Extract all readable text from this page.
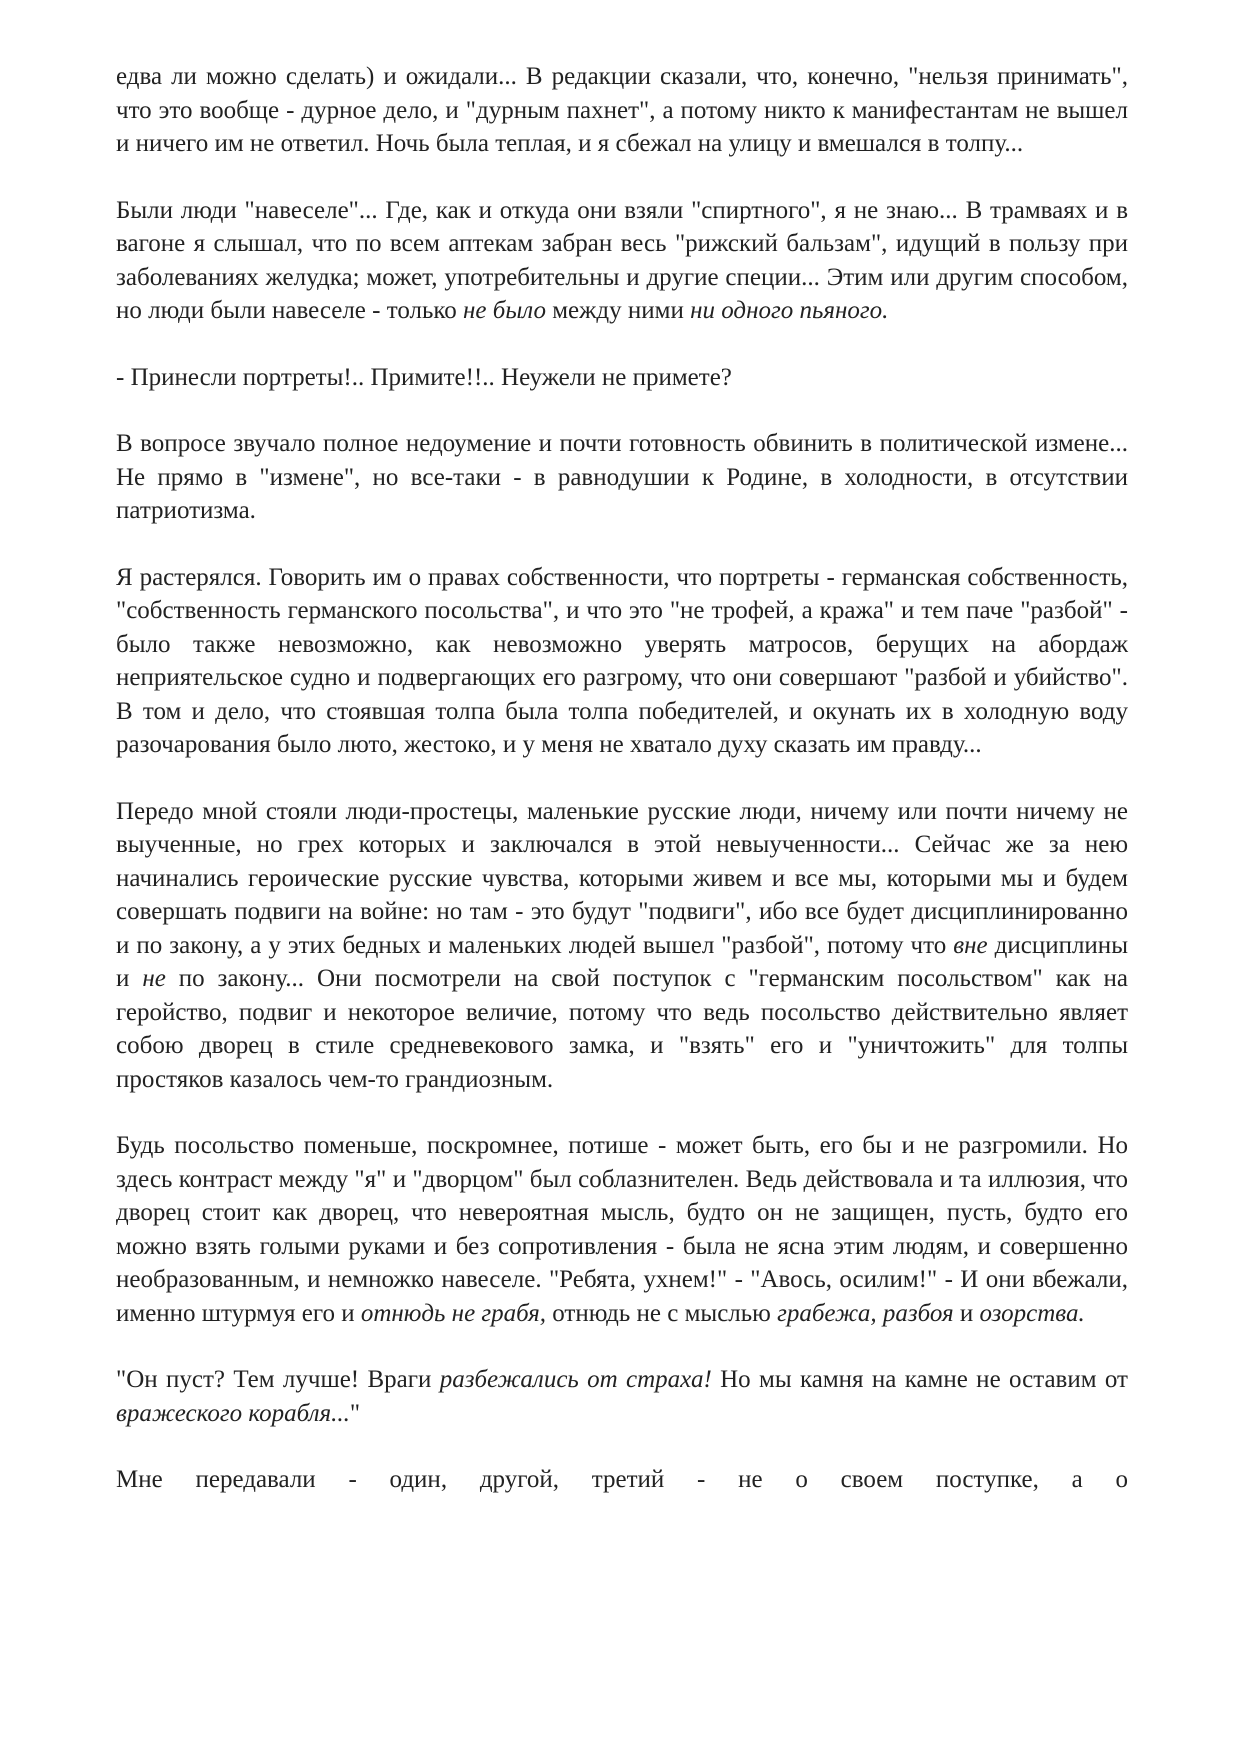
едва ли можно сделать) и ожидали... В редакции сказали, что, конечно, "нельзя принимать", что это вообще - дурное дело, и "дурным пахнет", а потому никто к манифестантам не вышел и ничего им не ответил. Ночь была теплая, и я сбежал на улицу и вмешался в толпу...

Были люди "навеселе"... Где, как и откуда они взяли "спиртного", я не знаю... В трамваях и в вагоне я слышал, что по всем аптекам забран весь "рижский бальзам", идущий в пользу при заболеваниях желудка; может, употребительны и другие специи... Этим или другим способом, но люди были навеселе - только не было между ними ни одного пьяного.

- Принесли портреты!.. Примите!!.. Неужели не примете?

В вопросе звучало полное недоумение и почти готовность обвинить в политической измене... Не прямо в "измене", но все-таки - в равнодушии к Родине, в холодности, в отсутствии патриотизма.

Я растерялся. Говорить им о правах собственности, что портреты - германская собственность, "собственность германского посольства", и что это "не трофей, а кража" и тем паче "разбой" - было также невозможно, как невозможно уверять матросов, берущих на абордаж неприятельское судно и подвергающих его разгрому, что они совершают "разбой и убийство". В том и дело, что стоявшая толпа была толпа победителей, и окунать их в холодную воду разочарования было люто, жестоко, и у меня не хватало духу сказать им правду...

Передо мной стояли люди-простецы, маленькие русские люди, ничему или почти ничему не выученные, но грех которых и заключался в этой невыученности... Сейчас же за нею начинались героические русские чувства, которыми живем и все мы, которыми мы и будем совершать подвиги на войне: но там - это будут "подвиги", ибо все будет дисциплинированно и по закону, а у этих бедных и маленьких людей вышел "разбой", потому что вне дисциплины и не по закону... Они посмотрели на свой поступок с "германским посольством" как на геройство, подвиг и некоторое величие, потому что ведь посольство действительно являет собою дворец в стиле средневекового замка, и "взять" его и "уничтожить" для толпы простяков казалось чем-то грандиозным.

Будь посольство поменьше, поскромнее, потише - может быть, его бы и не разгромили. Но здесь контраст между "я" и "дворцом" был соблазнителен. Ведь действовала и та иллюзия, что дворец стоит как дворец, что невероятная мысль, будто он не защищен, пусть, будто его можно взять голыми руками и без сопротивления - была не ясна этим людям, и совершенно необразованным, и немножко навеселе. "Ребята, ухнем!" - "Авось, осилим!" - И они вбежали, именно штурмуя его и отнюдь не грабя, отнюдь не с мыслью грабежа, разбоя и озорства.

"Он пуст? Тем лучше! Враги разбежались от страха! Но мы камня на камне не оставим от вражеского корабля..."

Мне передавали - один, другой, третий - не о своем поступке, а о
